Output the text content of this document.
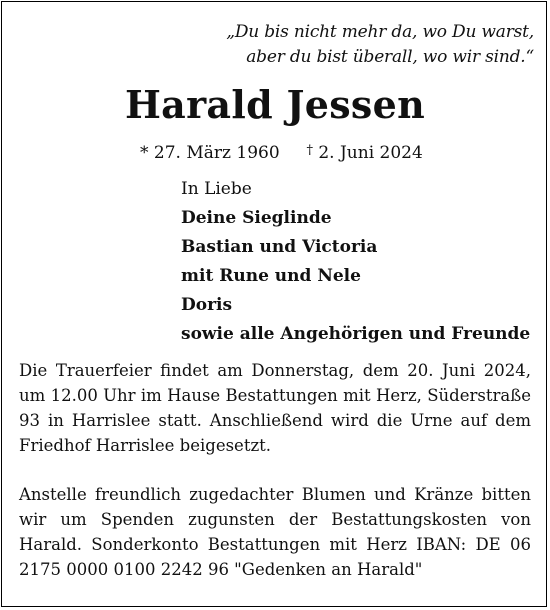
„Du bis nicht mehr da, wo Du warst,
aber du bist überall, wo wir sind.“
Harald Jessen
* 27. März 1960 † 2. Juni 2024
In Liebe
Deine Sieglinde
Bastian und Victoria
mit Rune und Nele
Doris
sowie alle Angehörigen und Freunde
Die Trauerfeier findet am Donnerstag, dem 20. Juni 2024, um 12.00 Uhr im Hause Bestattungen mit Herz, Süderstraße 93 in Harrislee statt. Anschließend wird die Urne auf dem Friedhof Harrislee beigesetzt.
Anstelle freundlich zugedachter Blumen und Kränze bitten wir um Spenden zugunsten der Bestattungskosten von Harald. Sonderkonto Bestattungen mit Herz IBAN: DE 06 2175 0000 0100 2242 96 "Gedenken an Harald"
